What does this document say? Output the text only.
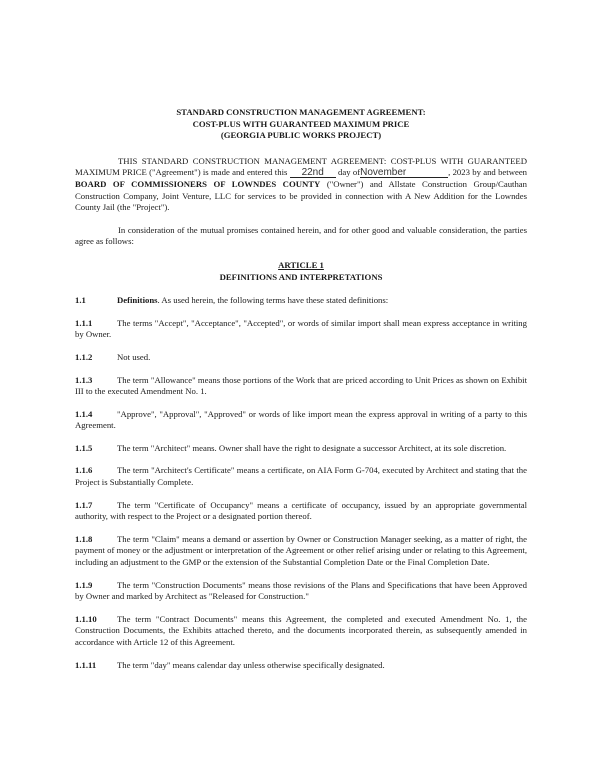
STANDARD CONSTRUCTION MANAGEMENT AGREEMENT:
COST-PLUS WITH GUARANTEED MAXIMUM PRICE
(GEORGIA PUBLIC WORKS PROJECT)
THIS STANDARD CONSTRUCTION MANAGEMENT AGREEMENT: COST-PLUS WITH GUARANTEED MAXIMUM PRICE ("Agreement") is made and entered this 22nd day ofNovember	, 2023 by and between BOARD OF COMMISSIONERS OF LOWNDES COUNTY ("Owner") and Allstate Construction Group/Cauthan Construction Company, Joint Venture, LLC for services to be provided in connection with A New Addition for the Lowndes County Jail (the "Project").
In consideration of the mutual promises contained herein, and for other good and valuable consideration, the parties agree as follows:
ARTICLE 1
DEFINITIONS AND INTERPRETATIONS
1.1	Definitions. As used herein, the following terms have these stated definitions:
1.1.1	The terms "Accept", "Acceptance", "Accepted", or words of similar import shall mean express acceptance in writing by Owner.
1.1.2	Not used.
1.1.3	The term "Allowance" means those portions of the Work that are priced according to Unit Prices as shown on Exhibit III to the executed Amendment No. 1.
1.1.4	"Approve", "Approval", "Approved" or words of like import mean the express approval in writing of a party to this Agreement.
1.1.5	The term "Architect" means. Owner shall have the right to designate a successor Architect, at its sole discretion.
1.1.6	The term "Architect's Certificate" means a certificate, on AIA Form G-704, executed by Architect and stating that the Project is Substantially Complete.
1.1.7	The term "Certificate of Occupancy" means a certificate of occupancy, issued by an appropriate governmental authority, with respect to the Project or a designated portion thereof.
1.1.8	The term "Claim" means a demand or assertion by Owner or Construction Manager seeking, as a matter of right, the payment of money or the adjustment or interpretation of the Agreement or other relief arising under or relating to this Agreement, including an adjustment to the GMP or the extension of the Substantial Completion Date or the Final Completion Date.
1.1.9	The term "Construction Documents" means those revisions of the Plans and Specifications that have been Approved by Owner and marked by Architect as "Released for Construction."
1.1.10 The term "Contract Documents" means this Agreement, the completed and executed Amendment No. 1, the Construction Documents, the Exhibits attached thereto, and the documents incorporated therein, as subsequently amended in accordance with Article 12 of this Agreement.
1.1.11 The term "day" means calendar day unless otherwise specifically designated.
